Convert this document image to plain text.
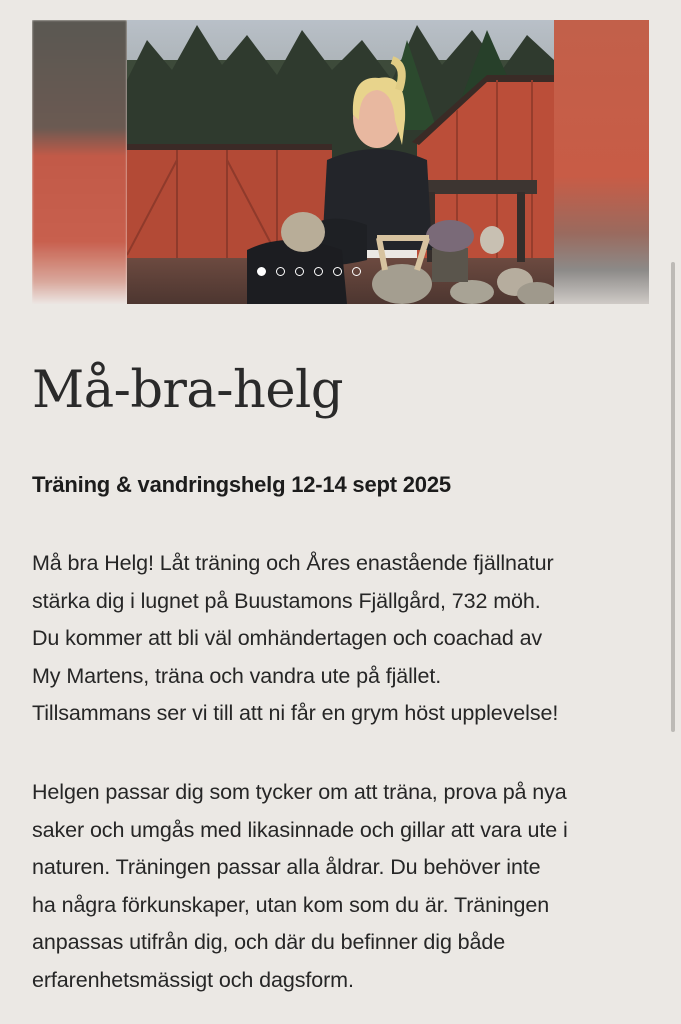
Må-bra-helg

Träning & vandringshelg 12-14 sept 2025

Må bra Helg! Låt träning och Åres enastående fjällnatur
stärka dig i lugnet på Buustamons Fjällgård, 732 möh.
Du kommer att bli väl omhändertagen och coachad av
My Martens, träna och vandra ute på fjället.
Tillsammans ser vi till att ni får en grym höst upplevelse!

Helgen passar dig som tycker om att träna, prova på nya
saker och umgås med likasinnade och gillar att vara ute i
naturen. Träningen passar alla åldrar. Du behöver inte
ha några förkunskaper, utan kom som du är. Träningen
anpassas utifrån dig, och där du befinner dig både
erfarenhetsmässigt och dagsform.
